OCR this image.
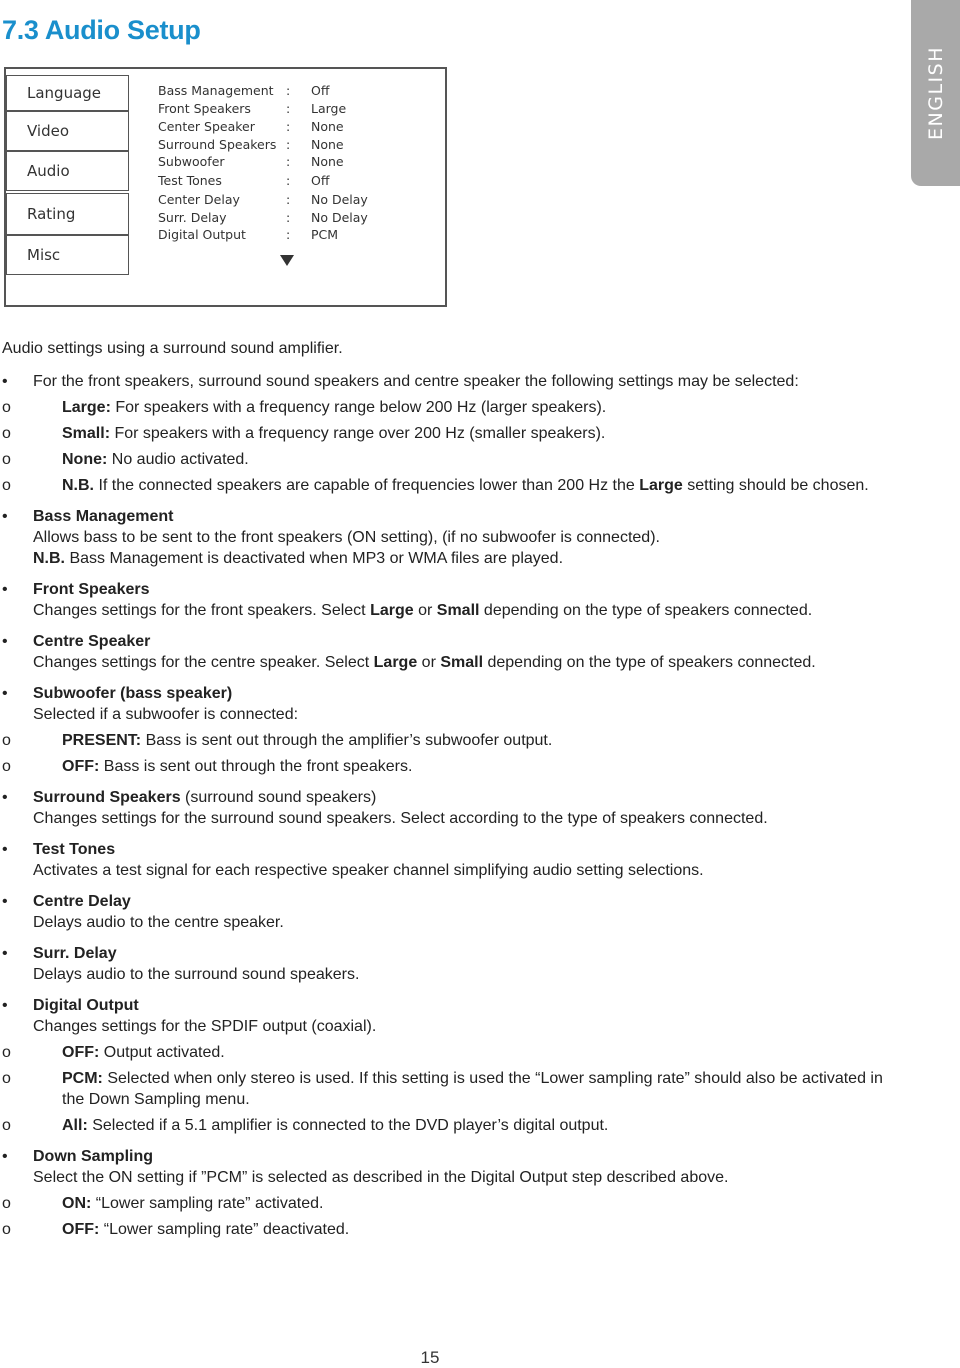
7.3 Audio Setup
ENGLISH
Language
Video
Audio
Rating
Misc
Bass Management : Off
Front Speakers	: Large
Center Speaker : None
Surround Speakers : None
Subwoofer	: None
Test Tones	: Off
Center Delay	: No Delay
Surr. Delay	: No Delay
Digital Output	: PCM

Audio settings using a surround sound amplifier.

• For the front speakers, surround sound speakers and centre speaker the following settings may be selected:

o	Large: For speakers with a frequency range below 200 Hz (larger speakers).
o	Small: For speakers with a frequency range over 200 Hz (smaller speakers).
o	None: No audio activated.
o	N.B. If the connected speakers are capable of frequencies lower than 200 Hz the Large setting should be chosen.
• Bass Management

Allows bass to be sent to the front speakers (ON setting), (if no subwoofer is connected).

N.B. Bass Management is deactivated when MP3 or WMA files are played.

• Front Speakers

Changes settings for the front speakers. Select Large or Small depending on the type of speakers connected.

• Centre Speaker

Changes settings for the centre speaker. Select Large or Small depending on the type of speakers connected.

• Subwoofer (bass speaker)

Selected if a subwoofer is connected:

o	PRESENT: Bass is sent out through the amplifier’s subwoofer output.
o	OFF: Bass is sent out through the front speakers.
• Surround Speakers (surround sound speakers)

Changes settings for the surround sound speakers. Select according to the type of speakers connected.

• Test Tones

Activates a test signal for each respective speaker channel simplifying audio setting selections.

• Centre Delay

Delays audio to the centre speaker.

• Surr. Delay

Delays audio to the surround sound speakers.

• Digital Output

Changes settings for the SPDIF output (coaxial).

o	OFF: Output activated.
o	PCM: Selected when only stereo is used. If this setting is used the “Lower sampling rate” should also be activated in the Down Sampling menu.
o	All: Selected if a 5.1 amplifier is connected to the DVD player’s digital output.
• Down Sampling

Select the ON setting if ”PCM” is selected as described in the Digital Output step described above.

o	ON: “Lower sampling rate” activated.
o	OFF: “Lower sampling rate” deactivated.
15
